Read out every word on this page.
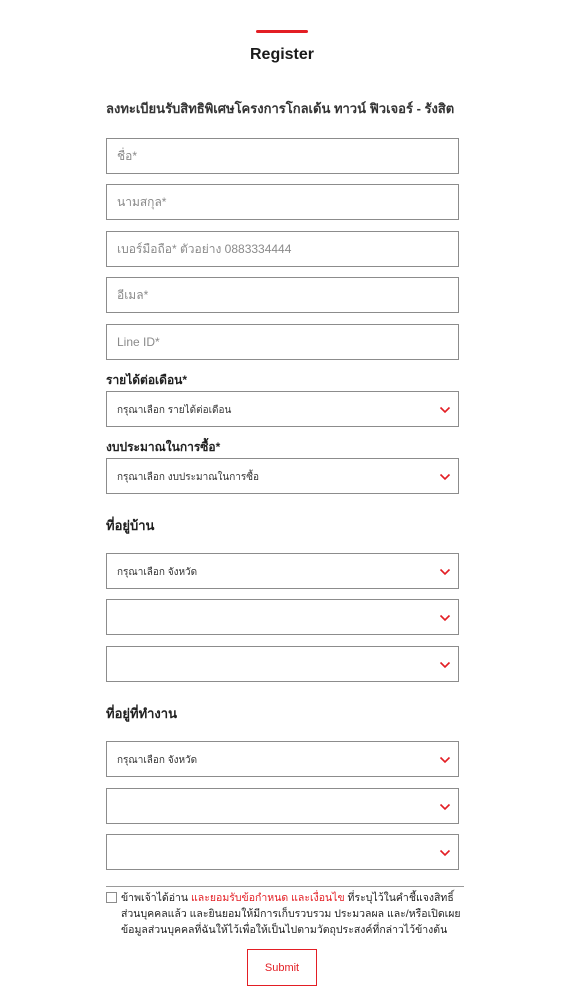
Register
ลงทะเบียนรับสิทธิพิเศษโครงการโกลเด้น ทาวน์ ฟิวเจอร์ - รังสิต
ชื่อ*
นามสกุล*
เบอร์มือถือ* ตัวอย่าง 0883334444
อีเมล*
Line ID*
รายได้ต่อเดือน*
กรุณาเลือก รายได้ต่อเดือน
งบประมาณในการซื้อ*
กรุณาเลือก งบประมาณในการซื้อ
ที่อยู่บ้าน
กรุณาเลือก จังหวัด
ที่อยู่ที่ทำงาน
กรุณาเลือก จังหวัด
ข้าพเจ้าได้อ่าน และยอมรับข้อกำหนด และเงื่อนไข ที่ระบุไว้ในคำชี้แจงสิทธิ์ส่วนบุคคลแล้ว และยินยอมให้มีการเก็บรวบรวม ประมวลผล และ/หรือเปิดเผยข้อมูลส่วนบุคคลที่ฉันให้ไว้เพื่อให้เป็นไปตามวัตถุประสงค์ที่กล่าวไว้ข้างต้น
Submit
